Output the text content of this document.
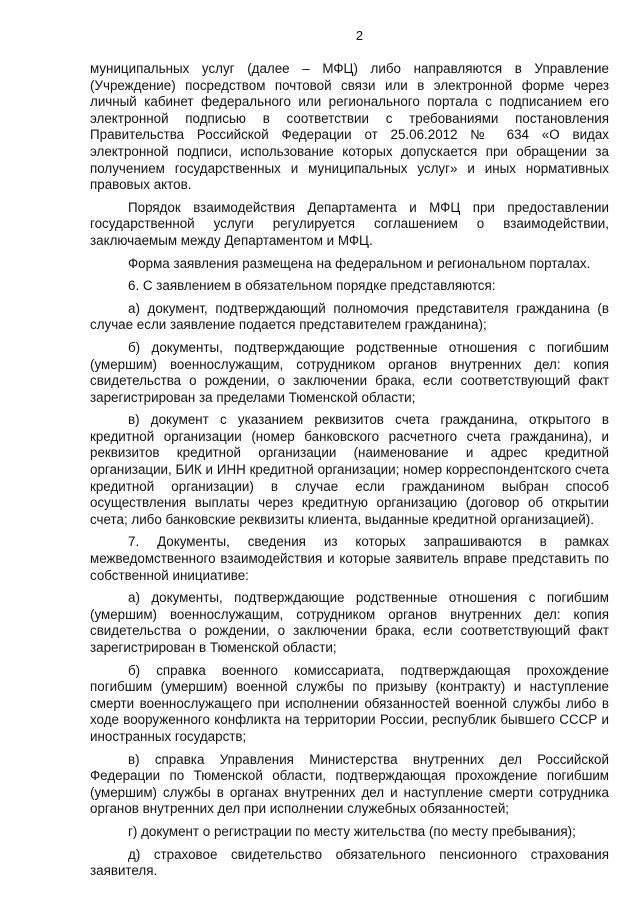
2

муниципальных услуг (далее – МФЦ) либо направляются в Управление (Учреждение) посредством почтовой связи или в электронной форме через личный кабинет федерального или регионального портала с подписанием его электронной подписью в соответствии с требованиями постановления Правительства Российской Федерации от 25.06.2012 № 634 «О видах электронной подписи, использование которых допускается при обращении за получением государственных и муниципальных услуг» и иных нормативных правовых актов.

Порядок взаимодействия Департамента и МФЦ при предоставлении государственной услуги регулируется соглашением о взаимодействии, заключаемым между Департаментом и МФЦ.

Форма заявления размещена на федеральном и региональном порталах.

6. С заявлением в обязательном порядке представляются:

а) документ, подтверждающий полномочия представителя гражданина (в случае если заявление подается представителем гражданина);

б) документы, подтверждающие родственные отношения с погибшим (умершим) военнослужащим, сотрудником органов внутренних дел: копия свидетельства о рождении, о заключении брака, если соответствующий факт зарегистрирован за пределами Тюменской области;

в) документ с указанием реквизитов счета гражданина, открытого в кредитной организации (номер банковского расчетного счета гражданина), и реквизитов кредитной организации (наименование и адрес кредитной организации, БИК и ИНН кредитной организации; номер корреспондентского счета кредитной организации) в случае если гражданином выбран способ осуществления выплаты через кредитную организацию (договор об открытии счета; либо банковские реквизиты клиента, выданные кредитной организацией).

7. Документы, сведения из которых запрашиваются в рамках межведомственного взаимодействия и которые заявитель вправе представить по собственной инициативе:

а) документы, подтверждающие родственные отношения с погибшим (умершим) военнослужащим, сотрудником органов внутренних дел: копия свидетельства о рождении, о заключении брака, если соответствующий факт зарегистрирован в Тюменской области;

б) справка военного комиссариата, подтверждающая прохождение погибшим (умершим) военной службы по призыву (контракту) и наступление смерти военнослужащего при исполнении обязанностей военной службы либо в ходе вооруженного конфликта на территории России, республик бывшего СССР и иностранных государств;

в) справка Управления Министерства внутренних дел Российской Федерации по Тюменской области, подтверждающая прохождение погибшим (умершим) службы в органах внутренних дел и наступление смерти сотрудника органов внутренних дел при исполнении служебных обязанностей;

г) документ о регистрации по месту жительства (по месту пребывания);

д) страховое свидетельство обязательного пенсионного страхования заявителя.
